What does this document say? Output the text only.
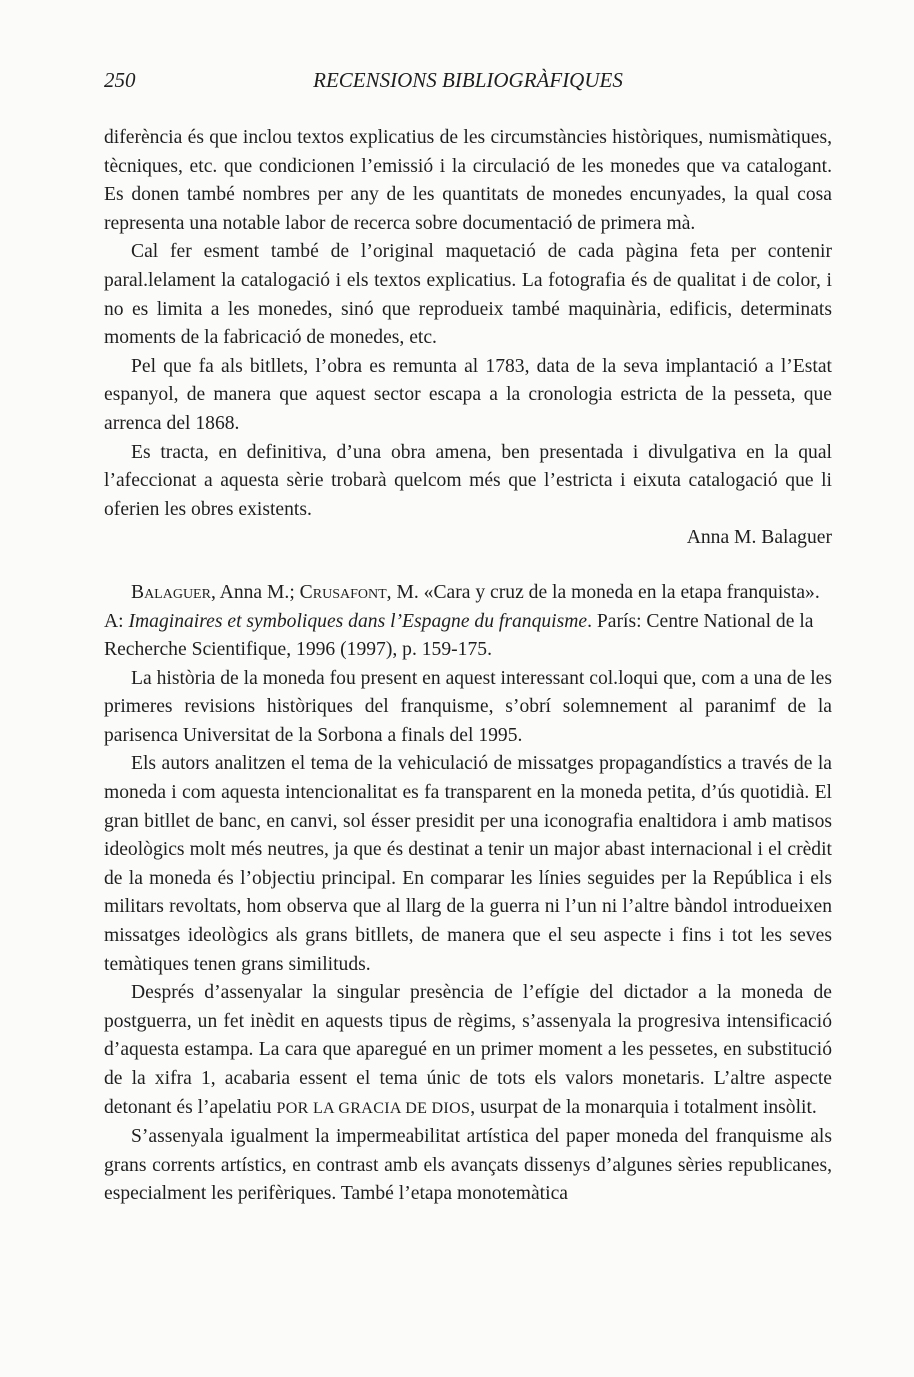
250	RECENSIONS BIBLIOGRÀFIQUES

diferència és que inclou textos explicatius de les circumstàncies històriques, numismàtiques, tècniques, etc. que condicionen l’emissió i la circulació de les monedes que va catalogant. Es donen també nombres per any de les quantitats de monedes encunyades, la qual cosa representa una notable labor de recerca sobre documentació de primera mà.

Cal fer esment també de l’original maquetació de cada pàgina feta per contenir paral.lelament la catalogació i els textos explicatius. La fotografia és de qualitat i de color, i no es limita a les monedes, sinó que reprodueix també maquinària, edificis, determinats moments de la fabricació de monedes, etc.

Pel que fa als bitllets, l’obra es remunta al 1783, data de la seva implantació a l’Estat espanyol, de manera que aquest sector escapa a la cronologia estricta de la pesseta, que arrenca del 1868.

Es tracta, en definitiva, d’una obra amena, ben presentada i divulgativa en la qual l’afeccionat a aquesta sèrie trobarà quelcom més que l’estricta i eixuta catalogació que li oferien les obres existents.

Anna M. Balaguer

Balaguer, Anna M.; Crusafont, M. «Cara y cruz de la moneda en la etapa franquista». A: Imaginaires et symboliques dans l’Espagne du franquisme. París: Centre National de la Recherche Scientifique, 1996 (1997), p. 159-175.

La història de la moneda fou present en aquest interessant col.loqui que, com a una de les primeres revisions històriques del franquisme, s’obrí solemnement al paranimf de la parisenca Universitat de la Sorbona a finals del 1995.

Els autors analitzen el tema de la vehiculació de missatges propagandístics a través de la moneda i com aquesta intencionalitat es fa transparent en la moneda petita, d’ús quotidià. El gran bitllet de banc, en canvi, sol ésser presidit per una iconografia enaltidora i amb matisos ideològics molt més neutres, ja que és destinat a tenir un major abast internacional i el crèdit de la moneda és l’objectiu principal. En comparar les línies seguides per la República i els militars revoltats, hom observa que al llarg de la guerra ni l’un ni l’altre bàndol introdueixen missatges ideològics als grans bitllets, de manera que el seu aspecte i fins i tot les seves temàtiques tenen grans similituds.

Després d’assenyalar la singular presència de l’efígie del dictador a la moneda de postguerra, un fet inèdit en aquests tipus de règims, s’assenyala la progresiva intensificació d’aquesta estampa. La cara que aparegué en un primer moment a les pessetes, en substitució de la xifra 1, acabaria essent el tema únic de tots els valors monetaris. L’altre aspecte detonant és l’apelatiu POR LA GRACIA DE DIOS, usurpat de la monarquia i totalment insòlit.

S’assenyala igualment la impermeabilitat artística del paper moneda del franquisme als grans corrents artístics, en contrast amb els avançats dissenys d’algunes sèries republicanes, especialment les perifèriques. També l’etapa monotemàtica
